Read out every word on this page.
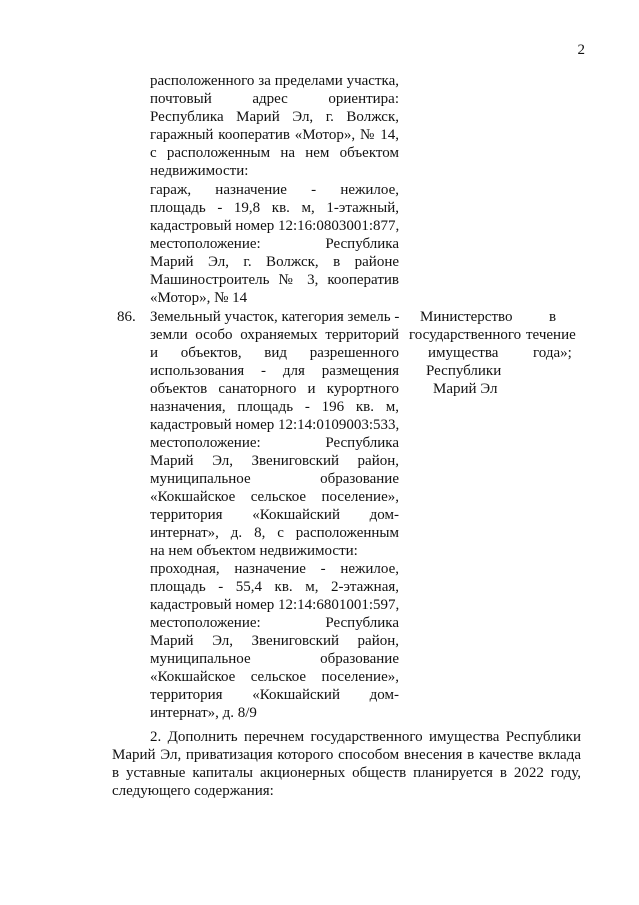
2
расположенного за пределами участка,
почтовый адрес ориентира:
Республика Марий Эл, г. Волжск,
гаражный кооператив «Мотор», № 14,
с расположенным на нем объектом
недвижимости:
гараж, назначение - нежилое,
площадь - 19,8 кв. м, 1-этажный,
кадастровый номер 12:16:0803001:877,
местоположение: Республика
Марий Эл, г. Волжск, в районе
Машиностроитель № 3, кооператив
«Мотор», № 14
86. Земельный участок, категория земель -
земли особо охраняемых территорий
и объектов, вид разрешенного
использования - для размещения
объектов санаторного и курортного
назначения, площадь - 196 кв. м,
кадастровый номер 12:14:0109003:533,
местоположение: Республика
Марий Эл, Звениговский район,
муниципальное образование
«Кокшайское сельское поселение»,
территория «Кокшайский дом-
интернат», д. 8, с расположенным
на нем объектом недвижимости:
проходная, назначение - нежилое,
площадь - 55,4 кв. м, 2-этажная,
кадастровый номер 12:14:6801001:597,
местоположение: Республика
Марий Эл, Звениговский район,
муниципальное образование
«Кокшайское сельское поселение»,
территория «Кокшайский дом-
интернат», д. 8/9
Министерство
государственного
имущества
Республики
Марий Эл
в
течение
года»;
2. Дополнить перечнем государственного имущества Республики
Марий Эл, приватизация которого способом внесения в качестве вклада
в уставные капиталы акционерных обществ планируется в 2022 году,
следующего содержания:
